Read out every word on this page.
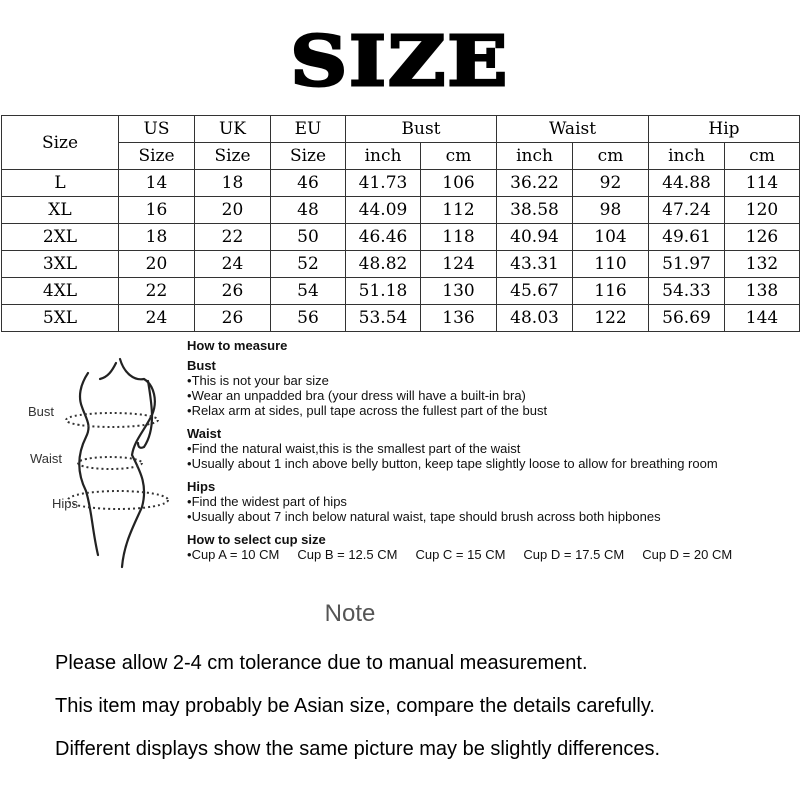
SIZE
Size	US	UK	EU	Bust		Waist		Hip	
	Size	Size	Size	inch	cm	inch	cm	inch	cm
L	14	18	46	41.73	106	36.22	92	44.88	114
XL	16	20	48	44.09	112	38.58	98	47.24	120
2XL	18	22	50	46.46	118	40.94	104	49.61	126
3XL	20	24	52	48.82	124	43.31	110	51.97	132
4XL	22	26	54	51.18	130	45.67	116	54.33	138
5XL	24	26	56	53.54	136	48.03	122	56.69	144
Bust
Waist
Hips
How to measure
Bust
• This is not your bar size
• Wear an unpadded bra (your dress will have a built-in bra)
• Relax arm at sides, pull tape across the fullest part of the bust
Waist
• Find the natural waist,this is the smallest part of the waist
• Usually about 1 inch above belly button, keep tape slightly loose to allow for breathing room
Hips
• Find the widest part of hips
• Usually about 7 inch below natural waist, tape should brush across both hipbones
How to select cup size
• Cup A = 10 CM Cup B = 12.5 CM Cup C = 15 CM Cup D = 17.5 CM Cup D = 20 CM
Note
Please allow 2-4 cm tolerance due to manual measurement.
This item may probably be Asian size, compare the details carefully.
Different displays show the same picture may be slightly differences.
